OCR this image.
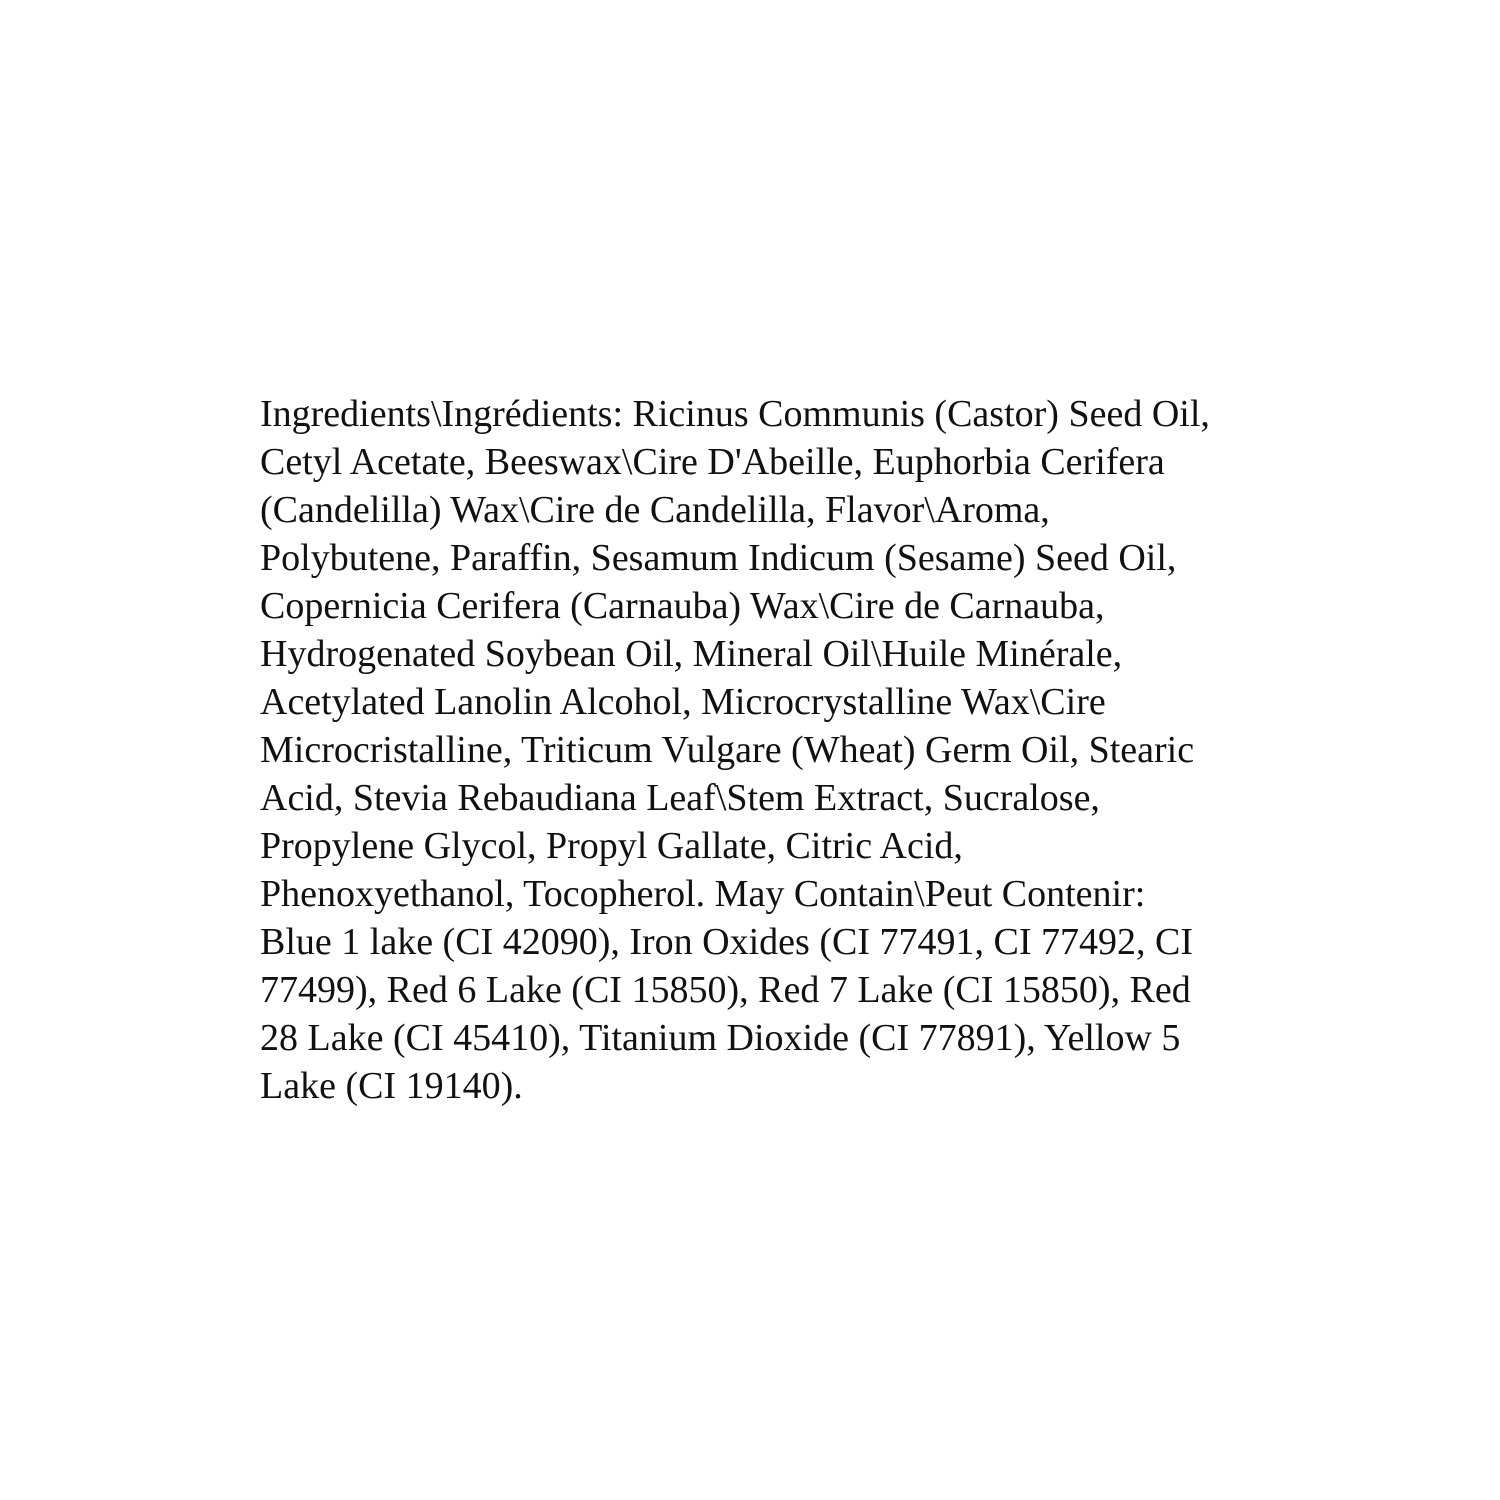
Ingredients\Ingrédients: Ricinus Communis (Castor) Seed Oil,
Cetyl Acetate, Beeswax\Cire D'Abeille, Euphorbia Cerifera
(Candelilla) Wax\Cire de Candelilla, Flavor\Aroma,
Polybutene, Paraffin, Sesamum Indicum (Sesame) Seed Oil,
Copernicia Cerifera (Carnauba) Wax\Cire de Carnauba,
Hydrogenated Soybean Oil, Mineral Oil\Huile Minérale,
Acetylated Lanolin Alcohol, Microcrystalline Wax\Cire
Microcristalline, Triticum Vulgare (Wheat) Germ Oil, Stearic
Acid, Stevia Rebaudiana Leaf\Stem Extract, Sucralose,
Propylene Glycol, Propyl Gallate, Citric Acid,
Phenoxyethanol, Tocopherol. May Contain\Peut Contenir:
Blue 1 lake (CI 42090), Iron Oxides (CI 77491, CI 77492, CI
77499), Red 6 Lake (CI 15850), Red 7 Lake (CI 15850), Red
28 Lake (CI 45410), Titanium Dioxide (CI 77891), Yellow 5
Lake (CI 19140).
